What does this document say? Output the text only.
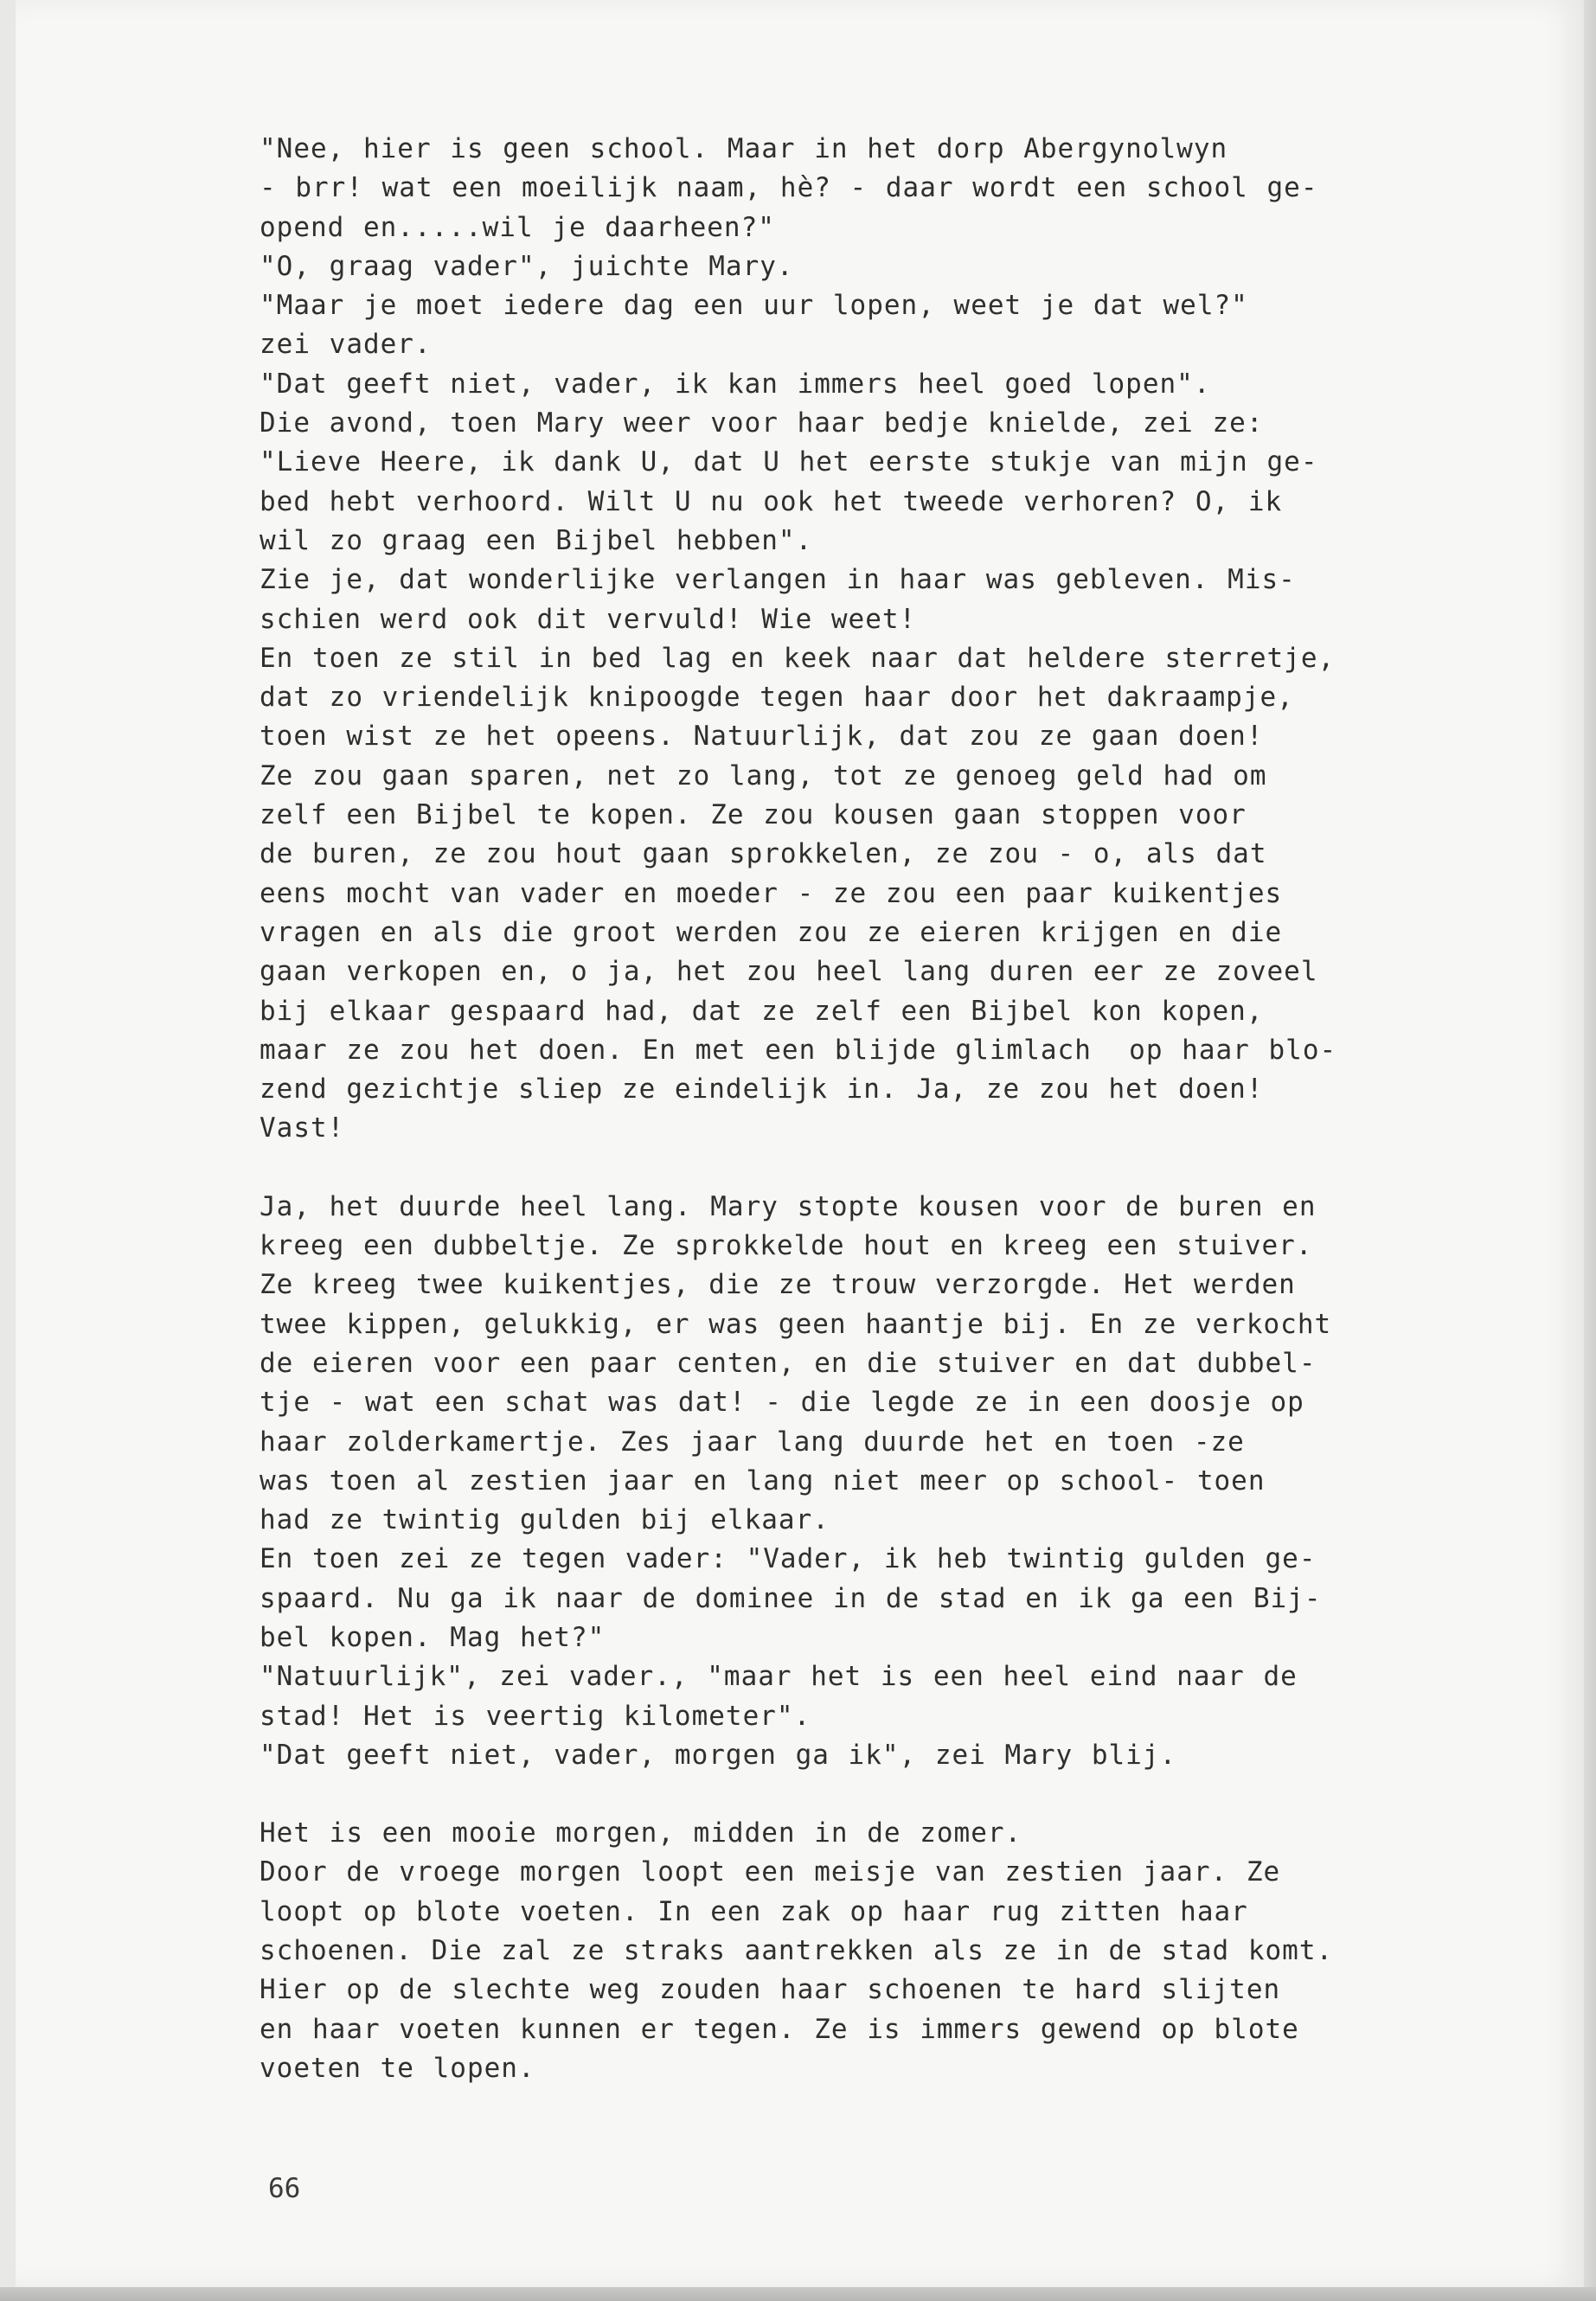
"Nee, hier is geen school. Maar in het dorp Abergynolwyn
- brr! wat een moeilijk naam, hè? - daar wordt een school ge-
opend en.....wil je daarheen?"
"O, graag vader", juichte Mary.
"Maar je moet iedere dag een uur lopen, weet je dat wel?"
zei vader.
"Dat geeft niet, vader, ik kan immers heel goed lopen".
Die avond, toen Mary weer voor haar bedje knielde, zei ze:
"Lieve Heere, ik dank U, dat U het eerste stukje van mijn ge-
bed hebt verhoord. Wilt U nu ook het tweede verhoren? O, ik
wil zo graag een Bijbel hebben".
Zie je, dat wonderlijke verlangen in haar was gebleven. Mis-
schien werd ook dit vervuld! Wie weet!
En toen ze stil in bed lag en keek naar dat heldere sterretje,
dat zo vriendelijk knipoogde tegen haar door het dakraampje,
toen wist ze het opeens. Natuurlijk, dat zou ze gaan doen!
Ze zou gaan sparen, net zo lang, tot ze genoeg geld had om
zelf een Bijbel te kopen. Ze zou kousen gaan stoppen voor
de buren, ze zou hout gaan sprokkelen, ze zou - o, als dat
eens mocht van vader en moeder - ze zou een paar kuikentjes
vragen en als die groot werden zou ze eieren krijgen en die
gaan verkopen en, o ja, het zou heel lang duren eer ze zoveel
bij elkaar gespaard had, dat ze zelf een Bijbel kon kopen,
maar ze zou het doen. En met een blijde glimlach  op haar blo-
zend gezichtje sliep ze eindelijk in. Ja, ze zou het doen!
Vast!

Ja, het duurde heel lang. Mary stopte kousen voor de buren en
kreeg een dubbeltje. Ze sprokkelde hout en kreeg een stuiver.
Ze kreeg twee kuikentjes, die ze trouw verzorgde. Het werden
twee kippen, gelukkig, er was geen haantje bij. En ze verkocht
de eieren voor een paar centen, en die stuiver en dat dubbel-
tje - wat een schat was dat! - die legde ze in een doosje op
haar zolderkamertje. Zes jaar lang duurde het en toen -ze
was toen al zestien jaar en lang niet meer op school- toen
had ze twintig gulden bij elkaar.
En toen zei ze tegen vader: "Vader, ik heb twintig gulden ge-
spaard. Nu ga ik naar de dominee in de stad en ik ga een Bij-
bel kopen. Mag het?"
"Natuurlijk", zei vader., "maar het is een heel eind naar de
stad! Het is veertig kilometer".
"Dat geeft niet, vader, morgen ga ik", zei Mary blij.

Het is een mooie morgen, midden in de zomer.
Door de vroege morgen loopt een meisje van zestien jaar. Ze
loopt op blote voeten. In een zak op haar rug zitten haar
schoenen. Die zal ze straks aantrekken als ze in de stad komt.
Hier op de slechte weg zouden haar schoenen te hard slijten
en haar voeten kunnen er tegen. Ze is immers gewend op blote
voeten te lopen.

66
